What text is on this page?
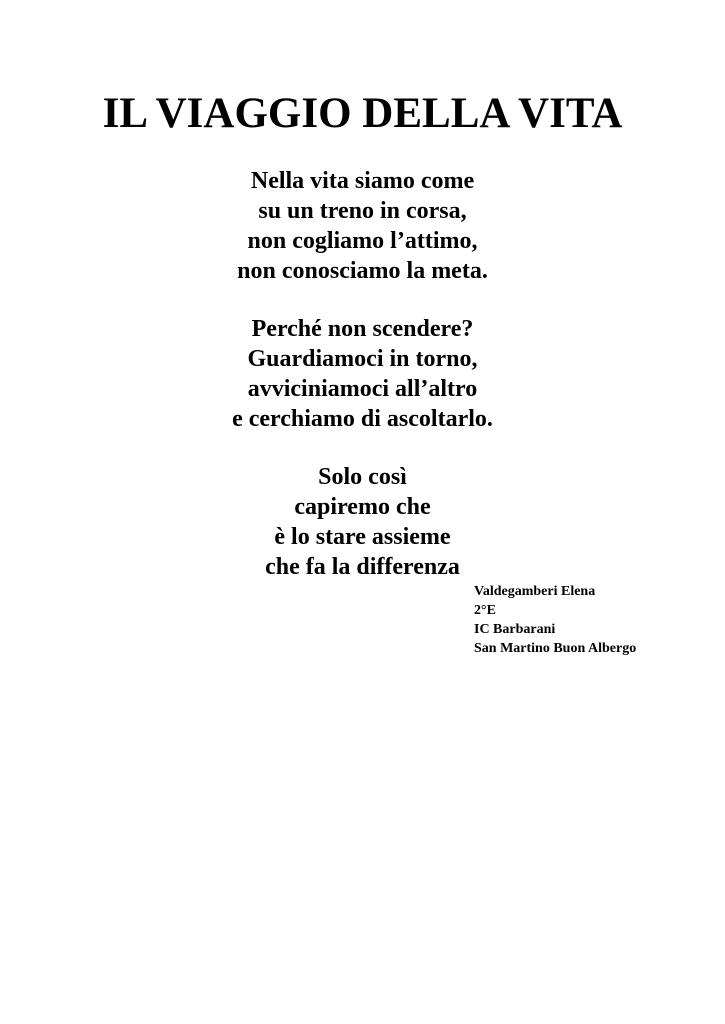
IL VIAGGIO DELLA VITA
Nella vita siamo come
su un treno in corsa,
non cogliamo l’attimo,
non conosciamo la meta.
Perché non scendere?
Guardiamoci in torno,
avviciniamoci all’altro
e cerchiamo di ascoltarlo.
Solo così
capiremo che
è lo stare assieme
che fa la differenza
Valdegamberi Elena
2°E
IC Barbarani
San Martino Buon Albergo
